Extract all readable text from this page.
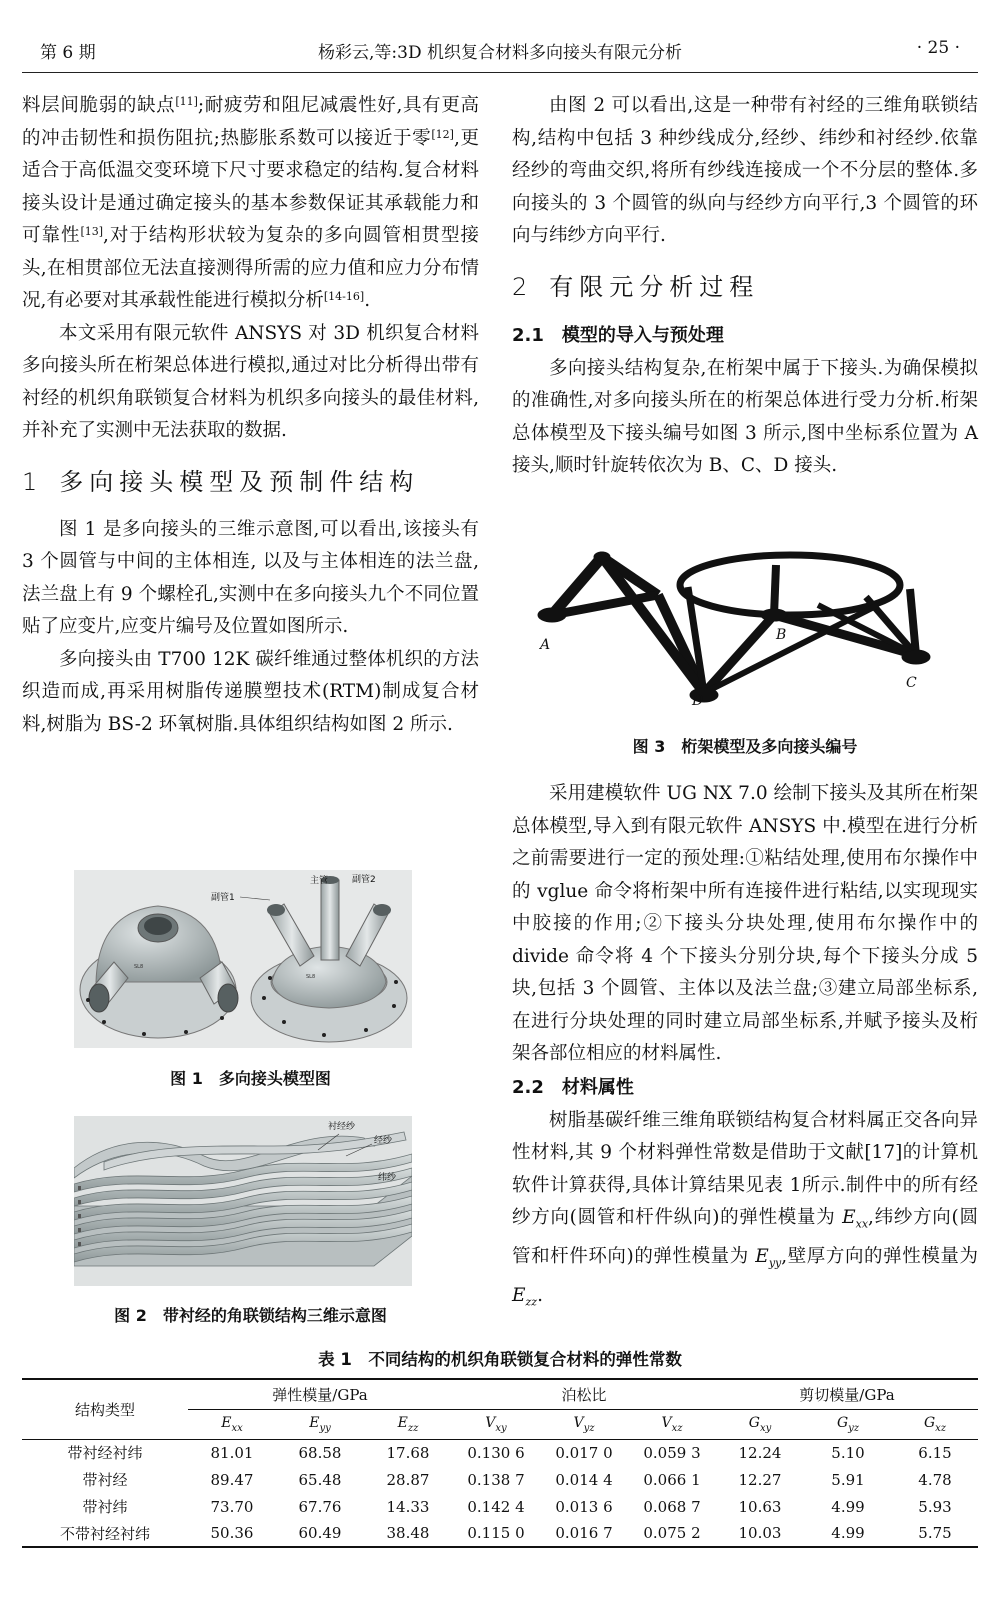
第 6 期	杨彩云,等:3D 机织复合材料多向接头有限元分析	· 25 ·

料层间脆弱的缺点[11];耐疲劳和阻尼减震性好,具有更高的冲击韧性和损伤阻抗;热膨胀系数可以接近于零[12],更适合于高低温交变环境下尺寸要求稳定的结构.复合材料接头设计是通过确定接头的基本参数保证其承载能力和可靠性[13],对于结构形状较为复杂的多向圆管相贯型接头,在相贯部位无法直接测得所需的应力值和应力分布情况,有必要对其承载性能进行模拟分析[14-16].

本文采用有限元软件 ANSYS 对 3D 机织复合材料多向接头所在桁架总体进行模拟,通过对比分析得出带有衬经的机织角联锁复合材料为机织多向接头的最佳材料,并补充了实测中无法获取的数据.

1 多向接头模型及预制件结构

图 1 是多向接头的三维示意图,可以看出,该接头有 3 个圆管与中间的主体相连, 以及与主体相连的法兰盘,法兰盘上有 9 个螺栓孔,实测中在多向接头九个不同位置贴了应变片,应变片编号及位置如图所示.

多向接头由 T700 12K 碳纤维通过整体机织的方法织造而成,再采用树脂传递膜塑技术(RTM)制成复合材料,树脂为 BS-2 环氧树脂.具体组织结构如图 2 所示.

主管	副管2
副管1
SL8
SL8
图 1　多向接头模型图
衬经纱
经纱
纬纱
图 2　带衬经的角联锁结构三维示意图

由图 2 可以看出,这是一种带有衬经的三维角联锁结构,结构中包括 3 种纱线成分,经纱、纬纱和衬经纱.依靠经纱的弯曲交织,将所有纱线连接成一个不分层的整体.多向接头的 3 个圆管的纵向与经纱方向平行,3 个圆管的环向与纬纱方向平行.

2 有限元分析过程
2.1 模型的导入与预处理

多向接头结构复杂,在桁架中属于下接头.为确保模拟的准确性,对多向接头所在的桁架总体进行受力分析.桁架总体模型及下接头编号如图 3 所示,图中坐标系位置为 A 接头,顺时针旋转依次为 B、C、D 接头.

A
B
C
D
图 3　桁架模型及多向接头编号

采用建模软件 UG NX 7.0 绘制下接头及其所在桁架总体模型,导入到有限元软件 ANSYS 中.模型在进行分析之前需要进行一定的预处理:①粘结处理,使用布尔操作中的 vglue 命令将桁架中所有连接件进行粘结,以实现现实中胶接的作用;②下接头分块处理,使用布尔操作中的 divide 命令将 4 个下接头分别分块,每个下接头分成 5 块,包括 3 个圆管、主体以及法兰盘;③建立局部坐标系,在进行分块处理的同时建立局部坐标系,并赋予接头及桁架各部位相应的材料属性.

2.2 材料属性

树脂基碳纤维三维角联锁结构复合材料属正交各向异性材料,其 9 个材料弹性常数是借助于文献[17]的计算机软件计算获得,具体计算结果见表 1所示.制件中的所有经纱方向(圆管和杆件纵向)的弹性模量为 $E_{xx}$,纬纱方向(圆管和杆件环向)的弹性模量为 $E_{yy}$,壁厚方向的弹性模量为 $E_{zz}$.

表 1　不同结构的机织角联锁复合材料的弹性常数
结构类型	弹性模量/GPa			泊松比			剪切模量/GPa		
	$E_{xx}$	$E_{yy}$	$E_{zz}$	$V_{xy}$	$V_{yz}$	$V_{xz}$	$G_{xy}$	$G_{yz}$	$G_{xz}$
带衬经衬纬	81.01	68.58	17.68	0.130 6	0.017 0	0.059 3	12.24	5.10	6.15
带衬经	89.47	65.48	28.87	0.138 7	0.014 4	0.066 1	12.27	5.91	4.78
带衬纬	73.70	67.76	14.33	0.142 4	0.013 6	0.068 7	10.63	4.99	5.93
不带衬经衬纬	50.36	60.49	38.48	0.115 0	0.016 7	0.075 2	10.03	4.99	5.75
